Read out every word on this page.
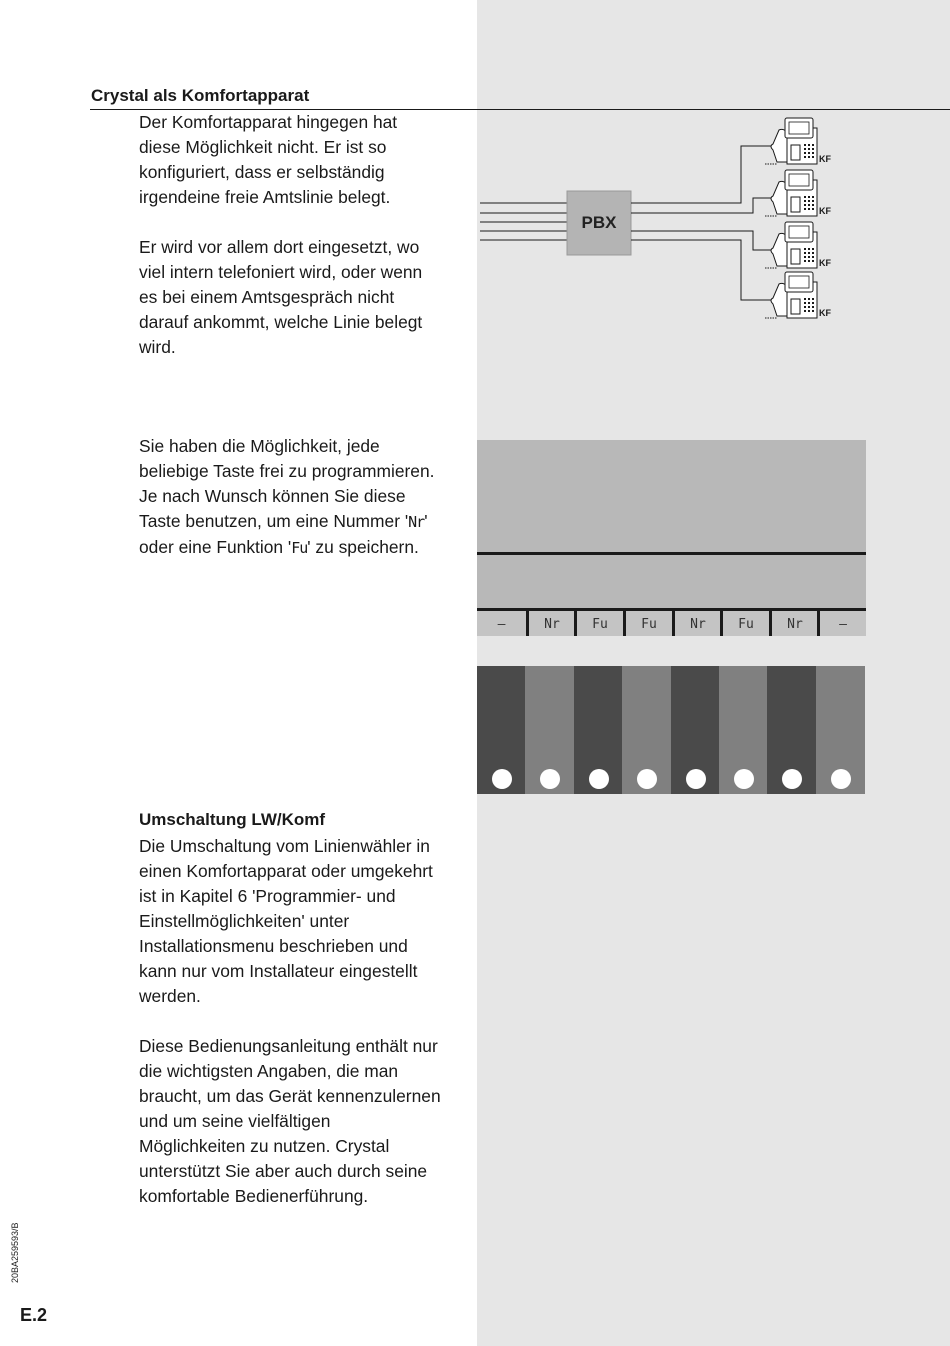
Crystal als Komfortapparat

Der Komfortapparat hingegen hat
diese Möglichkeit nicht. Er ist so
konfiguriert, dass er selbständig
irgendeine freie Amtslinie belegt.

Er wird vor allem dort eingesetzt, wo
viel intern telefoniert wird, oder wenn
es bei einem Amtsgespräch nicht
darauf ankommt, welche Linie belegt
wird.

Sie haben die Möglichkeit, jede
beliebige Taste frei zu programmieren.
Je nach Wunsch können Sie diese
Taste benutzen, um eine Nummer 'Nr'
oder eine Funktion 'Fu' zu speichern.

Umschaltung LW/Komf

Die Umschaltung vom Linienwähler in
einen Komfortapparat oder umgekehrt
ist in Kapitel 6 'Programmier- und
Einstellmöglichkeiten' unter
Installationsmenu beschrieben und
kann nur vom Installateur eingestellt
werden.

Diese Bedienungsanleitung enthält nur
die wichtigsten Angaben, die man
braucht, um das Gerät kennenzulernen
und um seine vielfältigen
Möglichkeiten zu nutzen. Crystal
unterstützt Sie aber auch durch seine
komfortable Bedienerführung.

PBX
KF
KF
KF
KF
—	Nr	Fu	Fu	Nr	Fu	Nr	—
20BA259593/B
E.2
